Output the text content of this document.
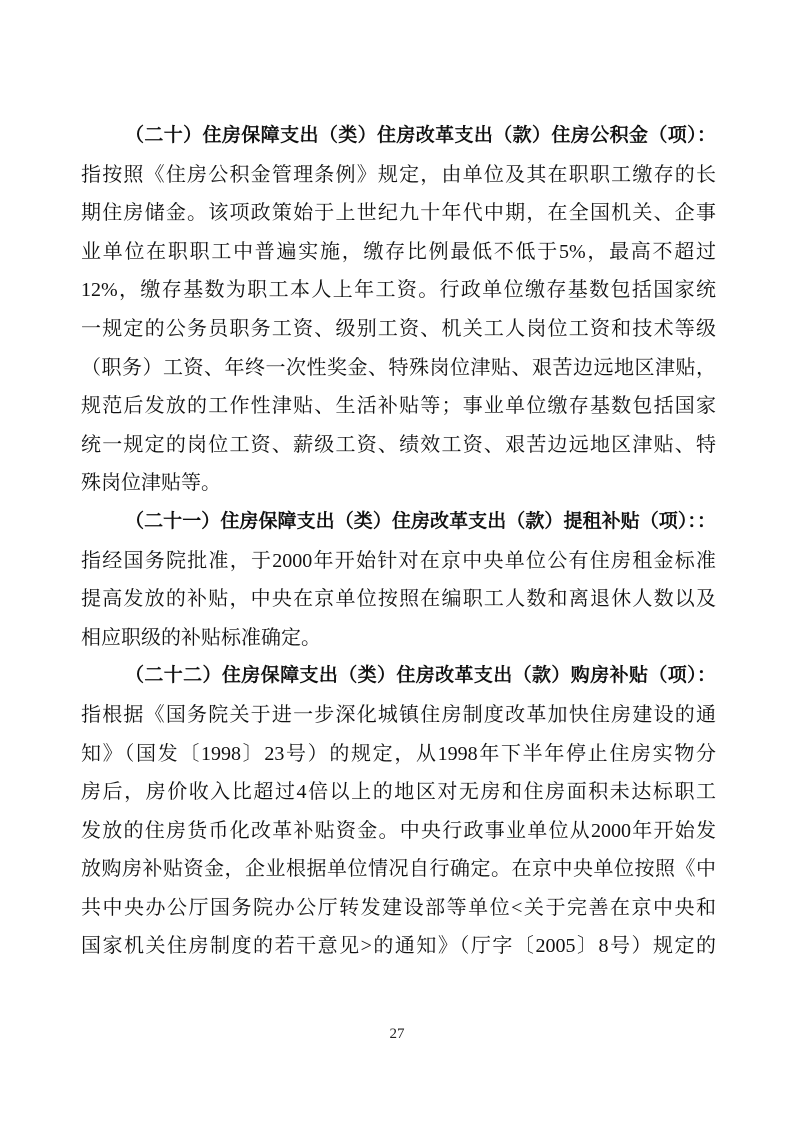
（二十）住房保障支出（类）住房改革支出（款）住房公积金（项）：
指按照《住房公积金管理条例》规定，由单位及其在职职工缴存的长
期住房储金。该项政策始于上世纪九十年代中期，在全国机关、企事
业单位在职职工中普遍实施，缴存比例最低不低于5%，最高不超过
12%，缴存基数为职工本人上年工资。行政单位缴存基数包括国家统
一规定的公务员职务工资、级别工资、机关工人岗位工资和技术等级
（职务）工资、年终一次性奖金、特殊岗位津贴、艰苦边远地区津贴，
规范后发放的工作性津贴、生活补贴等；事业单位缴存基数包括国家
统一规定的岗位工资、薪级工资、绩效工资、艰苦边远地区津贴、特
殊岗位津贴等。
（二十一）住房保障支出（类）住房改革支出（款）提租补贴（项）：：
指经国务院批准，于2000年开始针对在京中央单位公有住房租金标准
提高发放的补贴，中央在京单位按照在编职工人数和离退休人数以及
相应职级的补贴标准确定。
（二十二）住房保障支出（类）住房改革支出（款）购房补贴（项）：
指根据《国务院关于进一步深化城镇住房制度改革加快住房建设的通
知》（国发〔1998〕23号）的规定，从1998年下半年停止住房实物分
房后，房价收入比超过4倍以上的地区对无房和住房面积未达标职工
发放的住房货币化改革补贴资金。中央行政事业单位从2000年开始发
放购房补贴资金，企业根据单位情况自行确定。在京中央单位按照《中
共中央办公厅国务院办公厅转发建设部等单位<关于完善在京中央和
国家机关住房制度的若干意见>的通知》（厅字〔2005〕8号）规定的
27
